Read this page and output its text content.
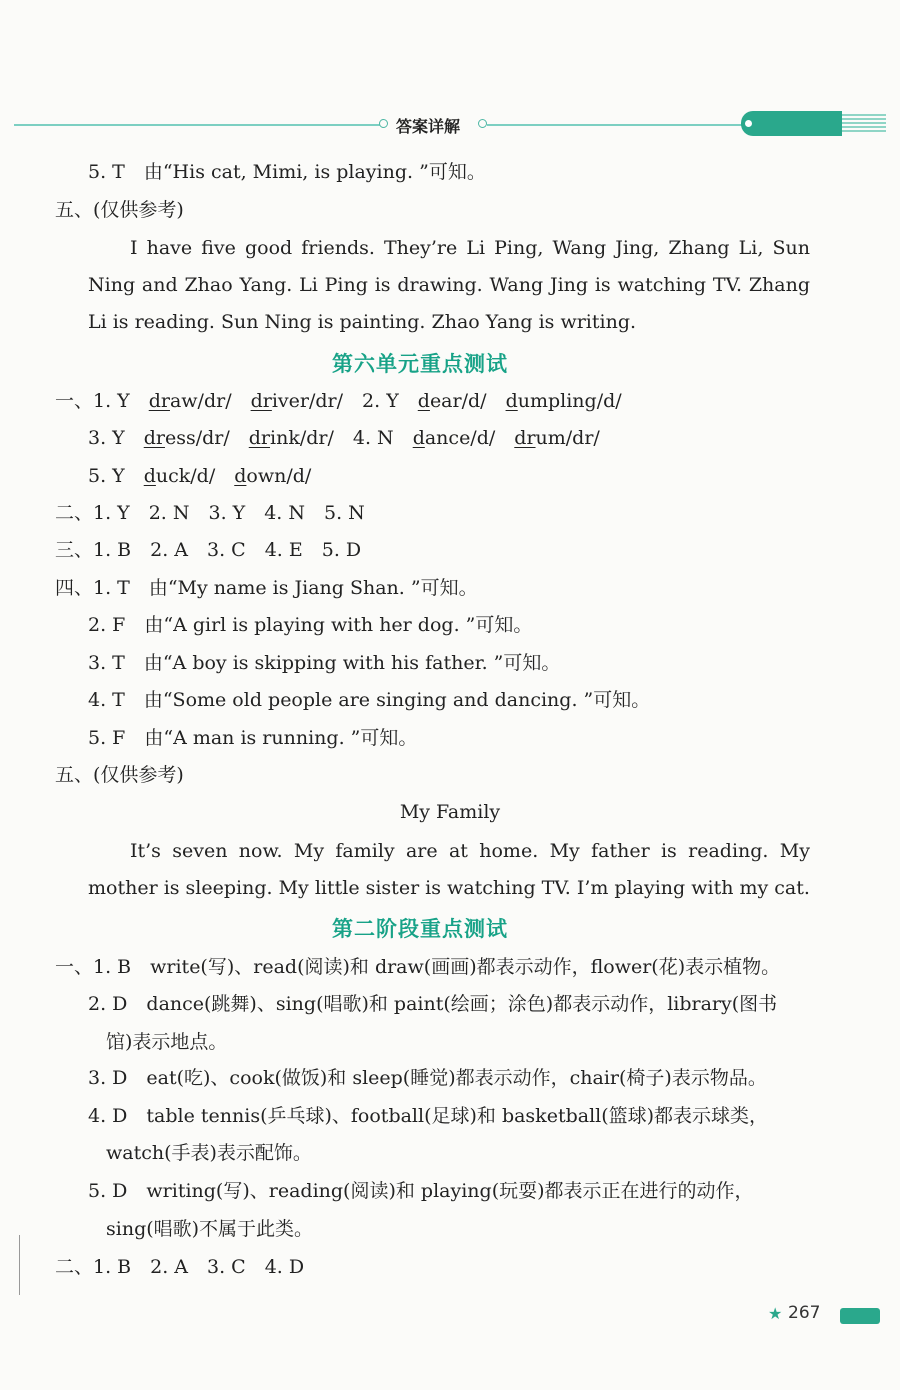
答案详解
5. T　由“His cat, Mimi, is playing. ”可知。
五、(仅供参考)
I have five good friends. They’re Li Ping, Wang Jing, Zhang Li, Sun Ning and Zhao Yang. Li Ping is drawing. Wang Jing is watching TV. Zhang Li is reading. Sun Ning is painting. Zhao Yang is writing.
第六单元重点测试
一、1. Y　draw/dr/　driver/dr/　2. Y　dear/d/　dumpling/d/
3. Y　dress/dr/　drink/dr/　4. N　dance/d/　drum/dr/
5. Y　duck/d/　down/d/
二、1. Y　2. N　3. Y　4. N　5. N
三、1. B　2. A　3. C　4. E　5. D
四、1. T　由“My name is Jiang Shan. ”可知。
2. F　由“A girl is playing with her dog. ”可知。
3. T　由“A boy is skipping with his father. ”可知。
4. T　由“Some old people are singing and dancing. ”可知。
5. F　由“A man is running. ”可知。
五、(仅供参考)
My Family
It’s seven now. My family are at home. My father is reading. My mother is sleeping. My little sister is watching TV. I’m playing with my cat.
第二阶段重点测试
一、1. B　write(写)、read(阅读)和 draw(画画)都表示动作，flower(花)表示植物。
2. D　dance(跳舞)、sing(唱歌)和 paint(绘画；涂色)都表示动作，library(图书
馆)表示地点。
3. D　eat(吃)、cook(做饭)和 sleep(睡觉)都表示动作，chair(椅子)表示物品。
4. D　table tennis(乒乓球)、football(足球)和 basketball(篮球)都表示球类，
watch(手表)表示配饰。
5. D　writing(写)、reading(阅读)和 playing(玩耍)都表示正在进行的动作，
sing(唱歌)不属于此类。
二、1. B　2. A　3. C　4. D
★ 267
